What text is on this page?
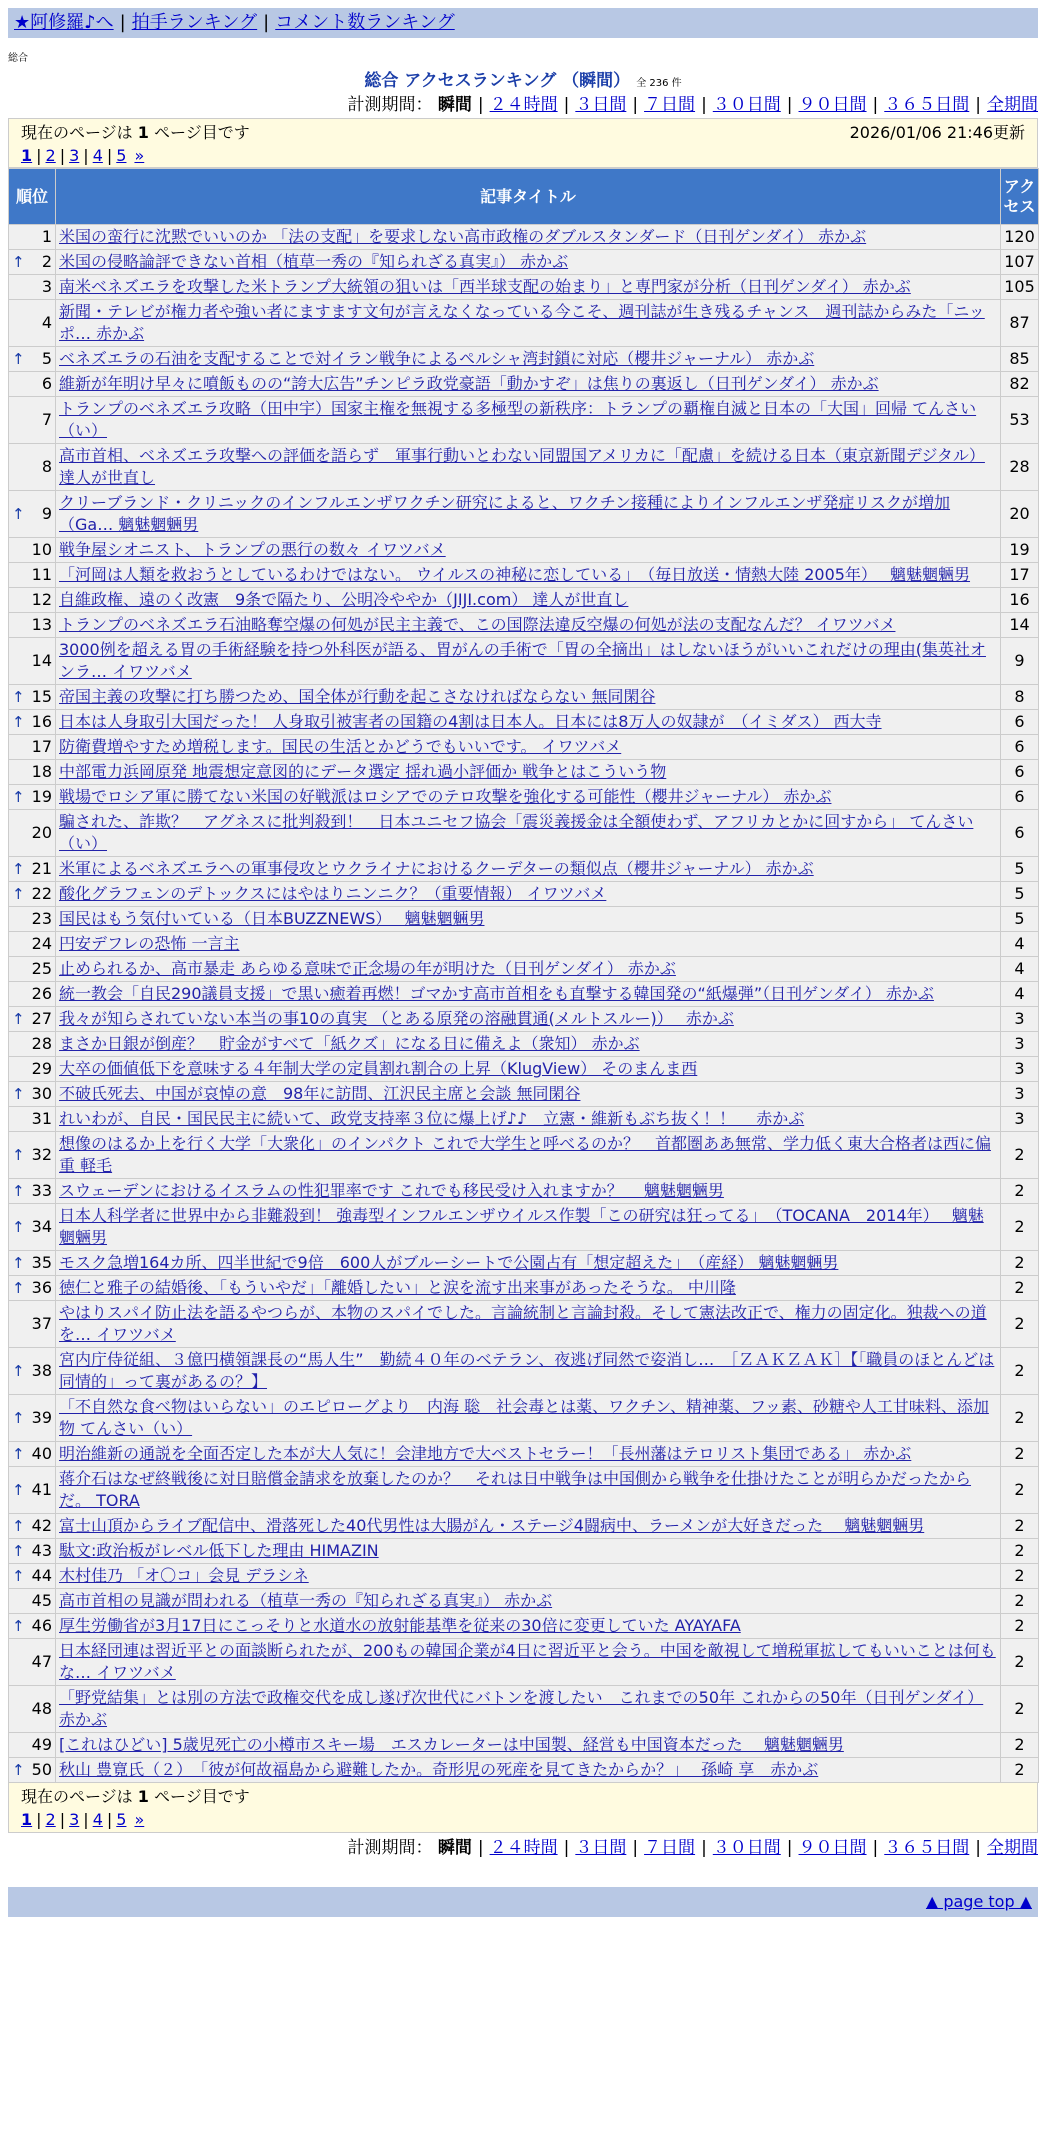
★阿修羅♪へ | 拍手ランキング | コメント数ランキング
総合
総合 アクセスランキング （瞬間） 全 236 件
計測期間： 瞬間 | ２４時間 | ３日間 | ７日間 | ３０日間 | ９０日間 | ３６５日間 | 全期間
現在のページは 1 ページ目です	2026/01/06 21:46更新
1 | 2 | 3 | 4 | 5 »
順位	記事タイトル	アクセス
1	米国の蛮行に沈黙でいいのか 「法の支配」を要求しない高市政権のダブルスタンダード（日刊ゲンダイ） 赤かぶ	120

↑ 2	米国の侵略論評できない首相（植草一秀の『知られざる真実』） 赤かぶ	107
3	南米ベネズエラを攻撃した米トランプ大統領の狙いは「西半球支配の始まり」と専門家が分析（日刊ゲンダイ） 赤かぶ	105
4	新聞・テレビが権力者や強い者にますます文句が言えなくなっている今こそ、週刊誌が生き残るチャンス　週刊誌からみた「ニッポ… 赤かぶ	87

↑ 5	ベネズエラの石油を支配することで対イラン戦争によるペルシャ湾封鎖に対応（櫻井ジャーナル） 赤かぶ	85
6	維新が年明け早々に噴飯ものの“誇大広告”チンピラ政党豪語「動かすぞ」は焦りの裏返し（日刊ゲンダイ） 赤かぶ	82
7	トランプのベネズエラ攻略（田中宇）国家主権を無視する多極型の新秩序：トランプの覇権自滅と日本の「大国」回帰 てんさい（い）	53
8	高市首相、ベネズエラ攻撃への評価を語らず　軍事行動いとわない同盟国アメリカに「配慮」を続ける日本（東京新聞デジタル） 達人が世直し	28

↑ 9	クリーブランド・クリニックのインフルエンザワクチン研究によると、ワクチン接種によりインフルエンザ発症リスクが増加（Ga… 魑魅魍魎男	20
10	戦争屋シオニスト、トランプの悪行の数々 イワツバメ	19
11	「河岡は人類を救おうとしているわけではない。 ウイルスの神秘に恋している」　（毎日放送・情熱大陸 2005年）　 魑魅魍魎男	17
12	自維政権、遠のく改憲　9条で隔たり、公明冷ややか（JIJI.com） 達人が世直し	16
13	トランプのベネズエラ石油略奪空爆の何処が民主主義で、この国際法違反空爆の何処が法の支配なんだ？ イワツバメ	14
14	3000例を超える胃の手術経験を持つ外科医が語る、胃がんの手術で「胃の全摘出」はしないほうがいいこれだけの理由(集英社オンラ… イワツバメ	9

↑ 15	帝国主義の攻撃に打ち勝つため、国全体が行動を起こさなければならない 無同閑谷	8

↑ 16	日本は人身取引大国だった！ 人身取引被害者の国籍の4割は日本人。日本には8万人の奴隷が　（イミダス） 西大寺	6
17	防衛費増やすため増税します。国民の生活とかどうでもいいです。 イワツバメ	6
18	中部電力浜岡原発 地震想定意図的にデータ選定 揺れ過小評価か 戦争とはこういう物	6

↑ 19	戦場でロシア軍に勝てない米国の好戦派はロシアでのテロ攻撃を強化する可能性（櫻井ジャーナル） 赤かぶ	6
20	騙された、詐欺？　アグネスに批判殺到！　日本ユニセフ協会「震災義援金は全額使わず、アフリカとかに回すから」 てんさい（い）	6

↑ 21	米軍によるベネズエラへの軍事侵攻とウクライナにおけるクーデターの類似点（櫻井ジャーナル） 赤かぶ	5

↑ 22	酸化グラフェンのデトックスにはやはりニンニク？（重要情報） イワツバメ	5
23	国民はもう気付いている（日本BUZZNEWS）　 魑魅魍魎男	5
24	円安デフレの恐怖 一言主	4
25	止められるか、高市暴走 あらゆる意味で正念場の年が明けた（日刊ゲンダイ） 赤かぶ	4
26	統一教会「自民290議員支援」で黒い癒着再燃！ゴマかす高市首相をも直撃する韓国発の“紙爆弾”（日刊ゲンダイ） 赤かぶ	4

↑ 27	我々が知らされていない本当の事10の真実 （とある原発の溶融貫通(メルトスルー)）　 赤かぶ	3
28	まさか日銀が倒産？　貯金がすべて「紙クズ」になる日に備えよ（衆知） 赤かぶ	3
29	大卒の価値低下を意味する４年制大学の定員割れ割合の上昇（KlugView） そのまんま西	3

↑ 30	不破氏死去、中国が哀悼の意　98年に訪問、江沢民主席と会談 無同閑谷	3
31	れいわが、自民・国民民主に続いて、政党支持率３位に爆上げ♪♪　立憲・維新もぶち抜く！！　 赤かぶ	3

↑ 32	想像のはるか上を行く大学「大衆化」のインパクト これで大学生と呼べるのか？　首都圏ああ無常、学力低く東大合格者は西に偏重 軽毛	2

↑ 33	スウェーデンにおけるイスラムの性犯罪率です これでも移民受け入れますか？　 魑魅魍魎男	2

↑ 34	日本人科学者に世界中から非難殺到！ 強毒型インフルエンザウイルス作製「この研究は狂ってる」　（TOCANA　2014年）　 魑魅魍魎男	2

↑ 35	モスク急増164カ所、四半世紀で9倍　600人がブルーシートで公園占有「想定超えた」　（産経） 魑魅魍魎男	2

↑ 36	徳仁と雅子の結婚後、「もういやだ」「離婚したい」と涙を流す出来事があったそうな。 中川隆	2
37	やはりスパイ防止法を語るやつらが、本物のスパイでした。言論統制と言論封殺。そして憲法改正で、権力の固定化。独裁への道を… イワツバメ	2

↑ 38	宮内庁侍従組、３億円横領課長の“馬人生”　勤続４０年のベテラン、夜逃げ同然で姿消し…　［ＺＡＫＺＡＫ］【「職員のほとんどは同情的」って裏があるの？】	2

↑ 39	「不自然な食べ物はいらない」のエピローグより　内海 聡　社会毒とは薬、ワクチン、精神薬、フッ素、砂糖や人工甘味料、添加物 てんさい（い）	2

↑ 40	明治維新の通説を全面否定した本が大人気に！会津地方で大ベストセラー！「長州藩はテロリスト集団である」 赤かぶ	2

↑ 41	蒋介石はなぜ終戦後に対日賠償金請求を放棄したのか？　それは日中戦争は中国側から戦争を仕掛けたことが明らかだったからだ。 TORA	2

↑ 42	富士山頂からライブ配信中、滑落死した40代男性は大腸がん・ステージ4闘病中、ラーメンが大好きだった　 魑魅魍魎男	2

↑ 43	駄文:政治板がレベル低下した理由 HIMAZIN	2

↑ 44	木村佳乃 「オ〇コ」会見 デラシネ	2
45	高市首相の見識が問われる（植草一秀の『知られざる真実』） 赤かぶ	2

↑ 46	厚生労働省が3月17日にこっそりと水道水の放射能基準を従来の30倍に変更していた AYAYAFA	2
47	日本経団連は習近平との面談断られたが、200もの韓国企業が4日に習近平と会う。中国を敵視して増税軍拡してもいいことは何もな… イワツバメ	2
48	「野党結集」とは別の方法で政権交代を成し遂げ次世代にバトンを渡したい　これまでの50年 これからの50年（日刊ゲンダイ） 赤かぶ	2
49	[これはひどい] 5歳児死亡の小樽市スキー場　エスカレーターは中国製、経営も中国資本だった　 魑魅魍魎男	2

↑ 50	秋山 豊寛氏（２）　「彼が何故福島から避難したか。奇形児の死産を見てきたからか？」　 孫崎 享　赤かぶ	2
現在のページは 1 ページ目です
1 | 2 | 3 | 4 | 5 »
計測期間： 瞬間 | ２４時間 | ３日間 | ７日間 | ３０日間 | ９０日間 | ３６５日間 | 全期間
▲ page top ▲
